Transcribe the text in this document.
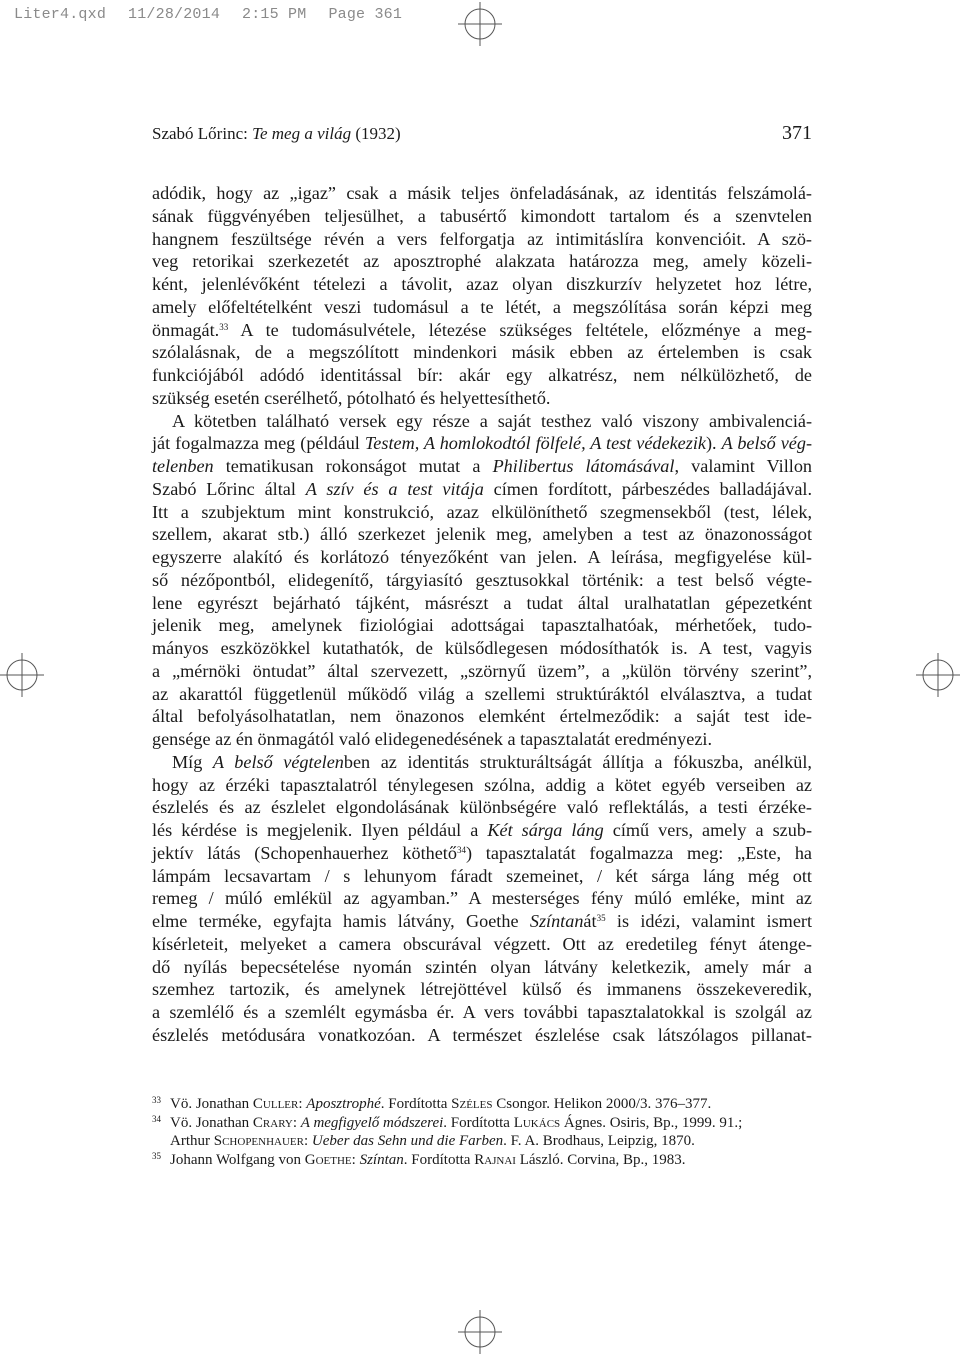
Liter4.qxd 11/28/2014 2:15 PM Page 361
Szabó Lőrinc: Te meg a világ (1932)	371
adódik, hogy az „igaz” csak a másik teljes önfeladásának, az identitás felszámolá-
sának függvényében teljesülhet, a tabusértő kimondott tartalom és a szenvtelen
hangnem feszültsége révén a vers felforgatja az intimitáslíra konvencióit. A szö-
veg retorikai szerkezetét az aposztrophé alakzata határozza meg, amely közeli-
ként, jelenlévőként tételezi a távolit, azaz olyan diszkurzív helyzetet hoz létre,
amely előfeltételként veszi tudomásul a te létét, a megszólítása során képzi meg
önmagát.$^{33}$ A te tudomásulvétele, létezése szükséges feltétele, előzménye a meg-
szólalásnak, de a megszólított mindenkori másik ebben az értelemben is csak
funkciójából adódó identitással bír: akár egy alkatrész, nem nélkülözhető, de
szükség esetén cserélhető, pótolható és helyettesíthető.
A kötetben található versek egy része a saját testhez való viszony ambivalenciá-
ját fogalmazza meg (például Testem, A homlokodtól fölfelé, A test védekezik). A belső vég-
telenben tematikusan rokonságot mutat a Philibertus látomásával, valamint Villon
Szabó Lőrinc által A szív és a test vitája címen fordított, párbeszédes balladájával.
Itt a szubjektum mint konstrukció, azaz elkülöníthető szegmensekből (test, lélek,
szellem, akarat stb.) álló szerkezet jelenik meg, amelyben a test az önazonosságot
egyszerre alakító és korlátozó tényezőként van jelen. A leírása, megfigyelése kül-
ső nézőpontból, elidegenítő, tárgyiasító gesztusokkal történik: a test belső végte-
lene egyrészt bejárható tájként, másrészt a tudat által uralhatatlan gépezetként
jelenik meg, amelynek fiziológiai adottságai tapasztalhatóak, mérhetőek, tudo-
mányos eszközökkel kutathatók, de külsődlegesen módosíthatók is. A test, vagyis
a „mérnöki öntudat” által szervezett, „szörnyű üzem”, a „külön törvény szerint”,
az akarattól függetlenül működő világ a szellemi struktúráktól elválasztva, a tudat
által befolyásolhatatlan, nem önazonos elemként értelmeződik: a saját test ide-
gensége az én önmagától való elidegenedésének a tapasztalatát eredményezi.
Míg A belső végtelenben az identitás strukturáltságát állítja a fókuszba, anélkül,
hogy az érzéki tapasztalatról ténylegesen szólna, addig a kötet egyéb verseiben az
észlelés és az észlelet elgondolásának különbségére való reflektálás, a testi érzéke-
lés kérdése is megjelenik. Ilyen például a Két sárga láng című vers, amely a szub-
jektív látás (Schopenhauerhez köthető$^{34}$) tapasztalatát fogalmazza meg: „Este, ha
lámpám lecsavartam / s lehunyom fáradt szemeinet, / két sárga láng még ott
remeg / múló emlékül az agyamban.” A mesterséges fény múló emléke, mint az
elme terméke, egyfajta hamis látvány, Goethe Színtanát$^{35}$ is idézi, valamint ismert
kísérleteit, melyeket a camera obscurával végzett. Ott az eredetileg fényt átenge-
dő nyílás bepecsételése nyomán szintén olyan látvány keletkezik, amely már a
szemhez tartozik, és amelynek létrejöttével külső és immanens összekeveredik,
a szemlélő és a szemlélt egymásba ér. A vers további tapasztalatokkal is szolgál az
észlelés metódusára vonatkozóan. A természet észlelése csak látszólagos pillanat-
$^{33}$ Vö. Jonathan Culler: Aposztrophé. Fordította Széles Csongor. Helikon 2000/3. 376–377.
$^{34}$ Vö. Jonathan Crary: A megfigyelő módszerei. Fordította Lukács Ágnes. Osiris, Bp., 1999. 91.;
Arthur Schopenhauer: Ueber das Sehn und die Farben. F. A. Brodhaus, Leipzig, 1870.
$^{35}$ Johann Wolfgang von Goethe: Színtan. Fordította Rajnai László. Corvina, Bp., 1983.
